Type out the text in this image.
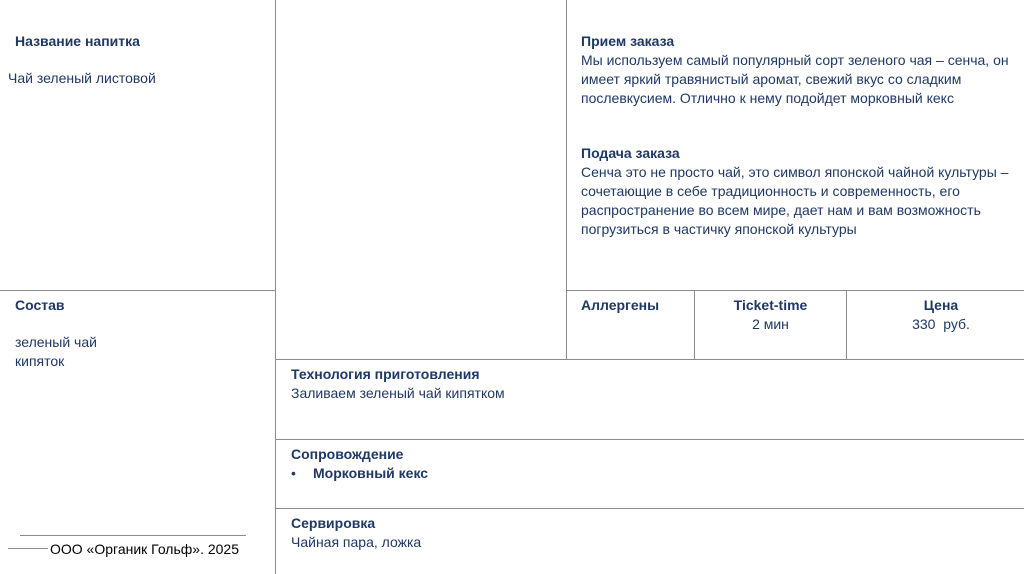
Название напитка
Чай зеленый листовой
Прием заказа
Мы используем самый популярный сорт зеленого чая – сенча, он имеет яркий травянистый аромат, свежий вкус со сладким послевкусием. Отлично к нему подойдет морковный кекс
Подача заказа
Сенча это не просто чай, это символ японской чайной культуры – сочетающие в себе традиционность и современность, его распространение во всем мире, дает нам и вам возможность погрузиться в частичку японской культуры
Состав
зеленый чай
кипяток
Аллергены	Ticket-time
2 мин
Цена
330  руб.
Технология приготовления
Заливаем зеленый чай кипятком
Сопровождение
• Морковный кекс
Сервировка
Чайная пара, ложка
ООО «Органик Гольф». 2025
